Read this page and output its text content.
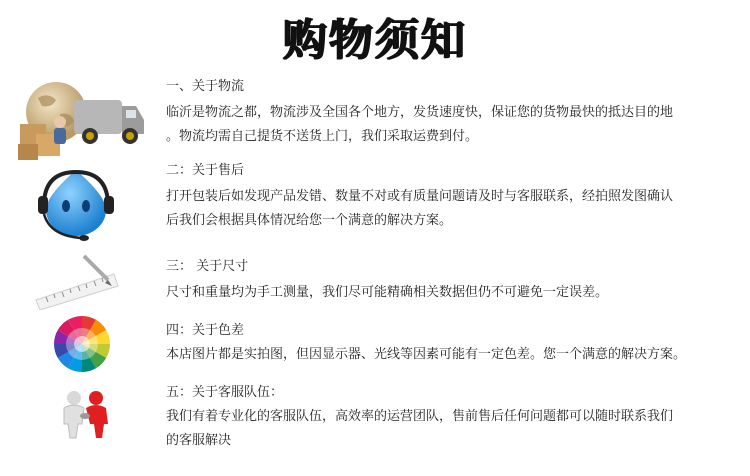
购物须知
一、关于物流
临沂是物流之都，物流涉及全国各个地方，发货速度快，保证您的货物最快的抵达目的地
。物流均需自己提货不送货上门，我们采取运费到付。
二：关于售后
打开包装后如发现产品发错、数量不对或有质量问题请及时与客服联系，经拍照发图确认
后我们会根据具体情况给您一个满意的解决方案。
三： 关于尺寸
尺寸和重量均为手工测量，我们尽可能精确相关数据但仍不可避免一定误差。
四：关于色差
本店图片都是实拍图，但因显示器、光线等因素可能有一定色差。您一个满意的解决方案。
五：关于客服队伍：
我们有着专业化的客服队伍，高效率的运营团队，售前售后任何问题都可以随时联系我们
的客服解决
